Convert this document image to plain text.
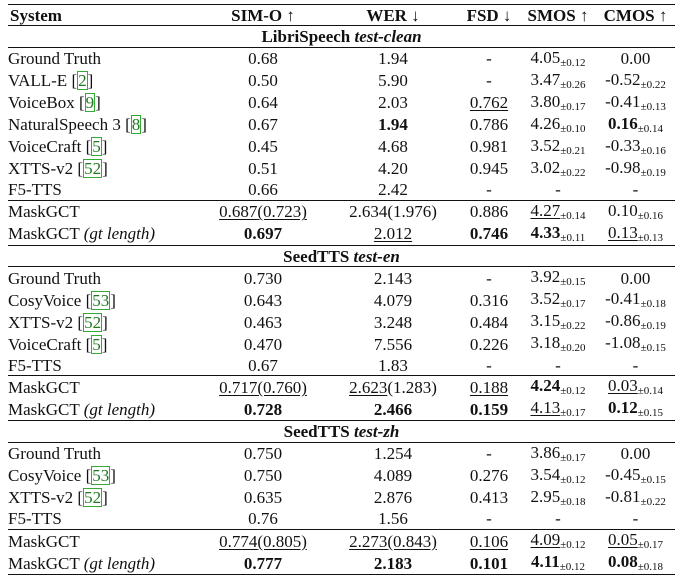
System	SIM-O ↑	WER ↓	FSD ↓	SMOS ↑	CMOS ↑
LibriSpeech test-clean					
Ground Truth	0.68	1.94	-	4.05±0.12	0.00
VALL-E [2]	0.50	5.90	-	3.47±0.26	-0.52±0.22
VoiceBox [9]	0.64	2.03	0.762	3.80±0.17	-0.41±0.13
NaturalSpeech 3 [8]	0.67	1.94	0.786	4.26±0.10	0.16±0.14
VoiceCraft [5]	0.45	4.68	0.981	3.52±0.21	-0.33±0.16
XTTS-v2 [52]	0.51	4.20	0.945	3.02±0.22	-0.98±0.19
F5-TTS	0.66	2.42	-	-	-
MaskGCT	0.687(0.723)	2.634(1.976)	0.886	4.27±0.14	0.10±0.16
MaskGCT (gt length)	0.697	2.012	0.746	4.33±0.11	0.13±0.13
SeedTTS test-en					
Ground Truth	0.730	2.143	-	3.92±0.15	0.00
CosyVoice [53]	0.643	4.079	0.316	3.52±0.17	-0.41±0.18
XTTS-v2 [52]	0.463	3.248	0.484	3.15±0.22	-0.86±0.19
VoiceCraft [5]	0.470	7.556	0.226	3.18±0.20	-1.08±0.15
F5-TTS	0.67	1.83	-	-	-
MaskGCT	0.717(0.760)	2.623(1.283)	0.188	4.24±0.12	0.03±0.14
MaskGCT (gt length)	0.728	2.466	0.159	4.13±0.17	0.12±0.15
SeedTTS test-zh					
Ground Truth	0.750	1.254	-	3.86±0.17	0.00
CosyVoice [53]	0.750	4.089	0.276	3.54±0.12	-0.45±0.15
XTTS-v2 [52]	0.635	2.876	0.413	2.95±0.18	-0.81±0.22
F5-TTS	0.76	1.56	-	-	-
MaskGCT	0.774(0.805)	2.273(0.843)	0.106	4.09±0.12	0.05±0.17
MaskGCT (gt length)	0.777	2.183	0.101	4.11±0.12	0.08±0.18
